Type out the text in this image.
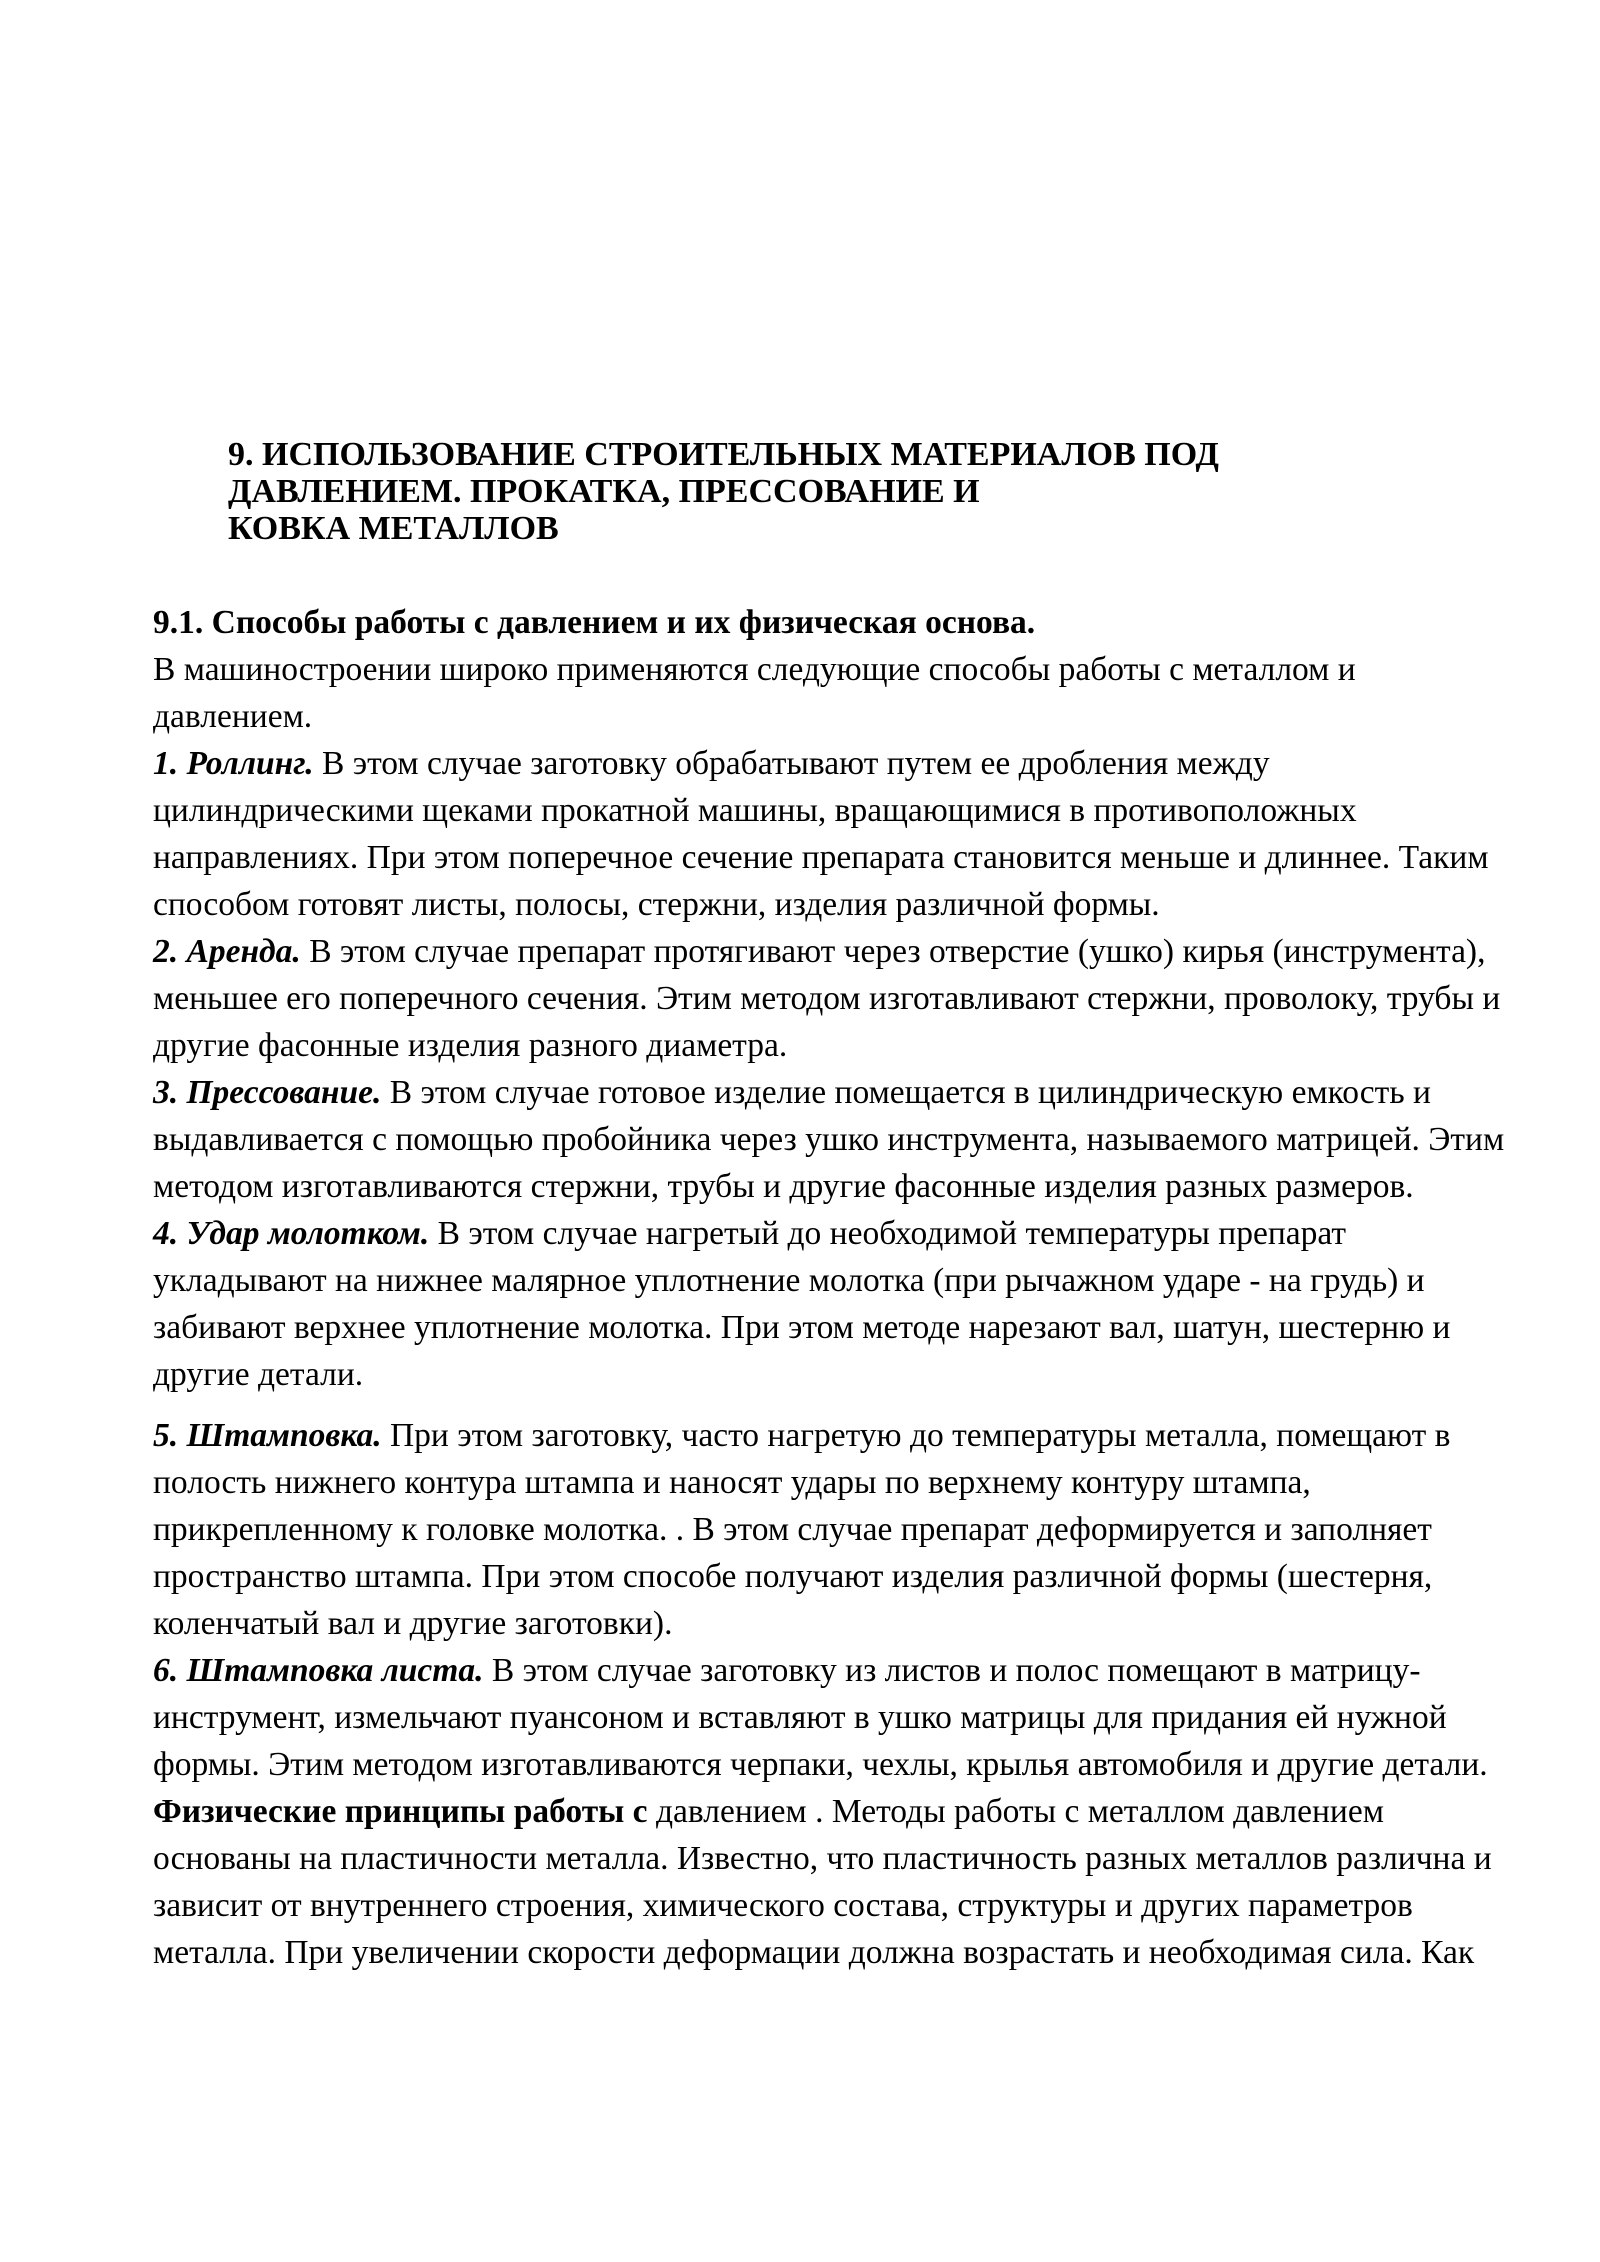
9. ИСПОЛЬЗОВАНИЕ СТРОИТЕЛЬНЫХ МАТЕРИАЛОВ ПОД
ДАВЛЕНИЕМ. ПРОКАТКА, ПРЕССОВАНИЕ И
КОВКА МЕТАЛЛОВ

9.1. Способы работы с давлением и их физическая основа.

В машиностроении широко применяются следующие способы работы с металлом и давлением.

1. Роллинг. В этом случае заготовку обрабатывают путем ее дробления между цилиндрическими щеками прокатной машины, вращающимися в противоположных направлениях. При этом поперечное сечение препарата становится меньше и длиннее. Таким способом готовят листы, полосы, стержни, изделия различной формы.

2. Аренда. В этом случае препарат протягивают через отверстие (ушко) кирья (инструмента), меньшее его поперечного сечения. Этим методом изготавливают стержни, проволоку, трубы и другие фасонные изделия разного диаметра.

3. Прессование. В этом случае готовое изделие помещается в цилиндрическую емкость и выдавливается с помощью пробойника через ушко инструмента, называемого матрицей. Этим методом изготавливаются стержни, трубы и другие фасонные изделия разных размеров.

4. Удар молотком. В этом случае нагретый до необходимой температуры препарат укладывают на нижнее малярное уплотнение молотка (при рычажном ударе - на грудь) и забивают верхнее уплотнение молотка. При этом методе нарезают вал, шатун, шестерню и другие детали.

5. Штамповка. При этом заготовку, часто нагретую до температуры металла, помещают в полость нижнего контура штампа и наносят удары по верхнему контуру штампа, прикрепленному к головке молотка. . В этом случае препарат деформируется и заполняет пространство штампа. При этом способе получают изделия различной формы (шестерня, коленчатый вал и другие заготовки).

6. Штамповка листа. В этом случае заготовку из листов и полос помещают в матрицу-инструмент, измельчают пуансоном и вставляют в ушко матрицы для придания ей нужной формы. Этим методом изготавливаются черпаки, чехлы, крылья автомобиля и другие детали. Физические принципы работы с давлением . Методы работы с металлом давлением основаны на пластичности металла. Известно, что пластичность разных металлов различна и зависит от внутреннего строения, химического состава, структуры и других параметров металла. При увеличении скорости деформации должна возрастать и необходимая сила. Как
